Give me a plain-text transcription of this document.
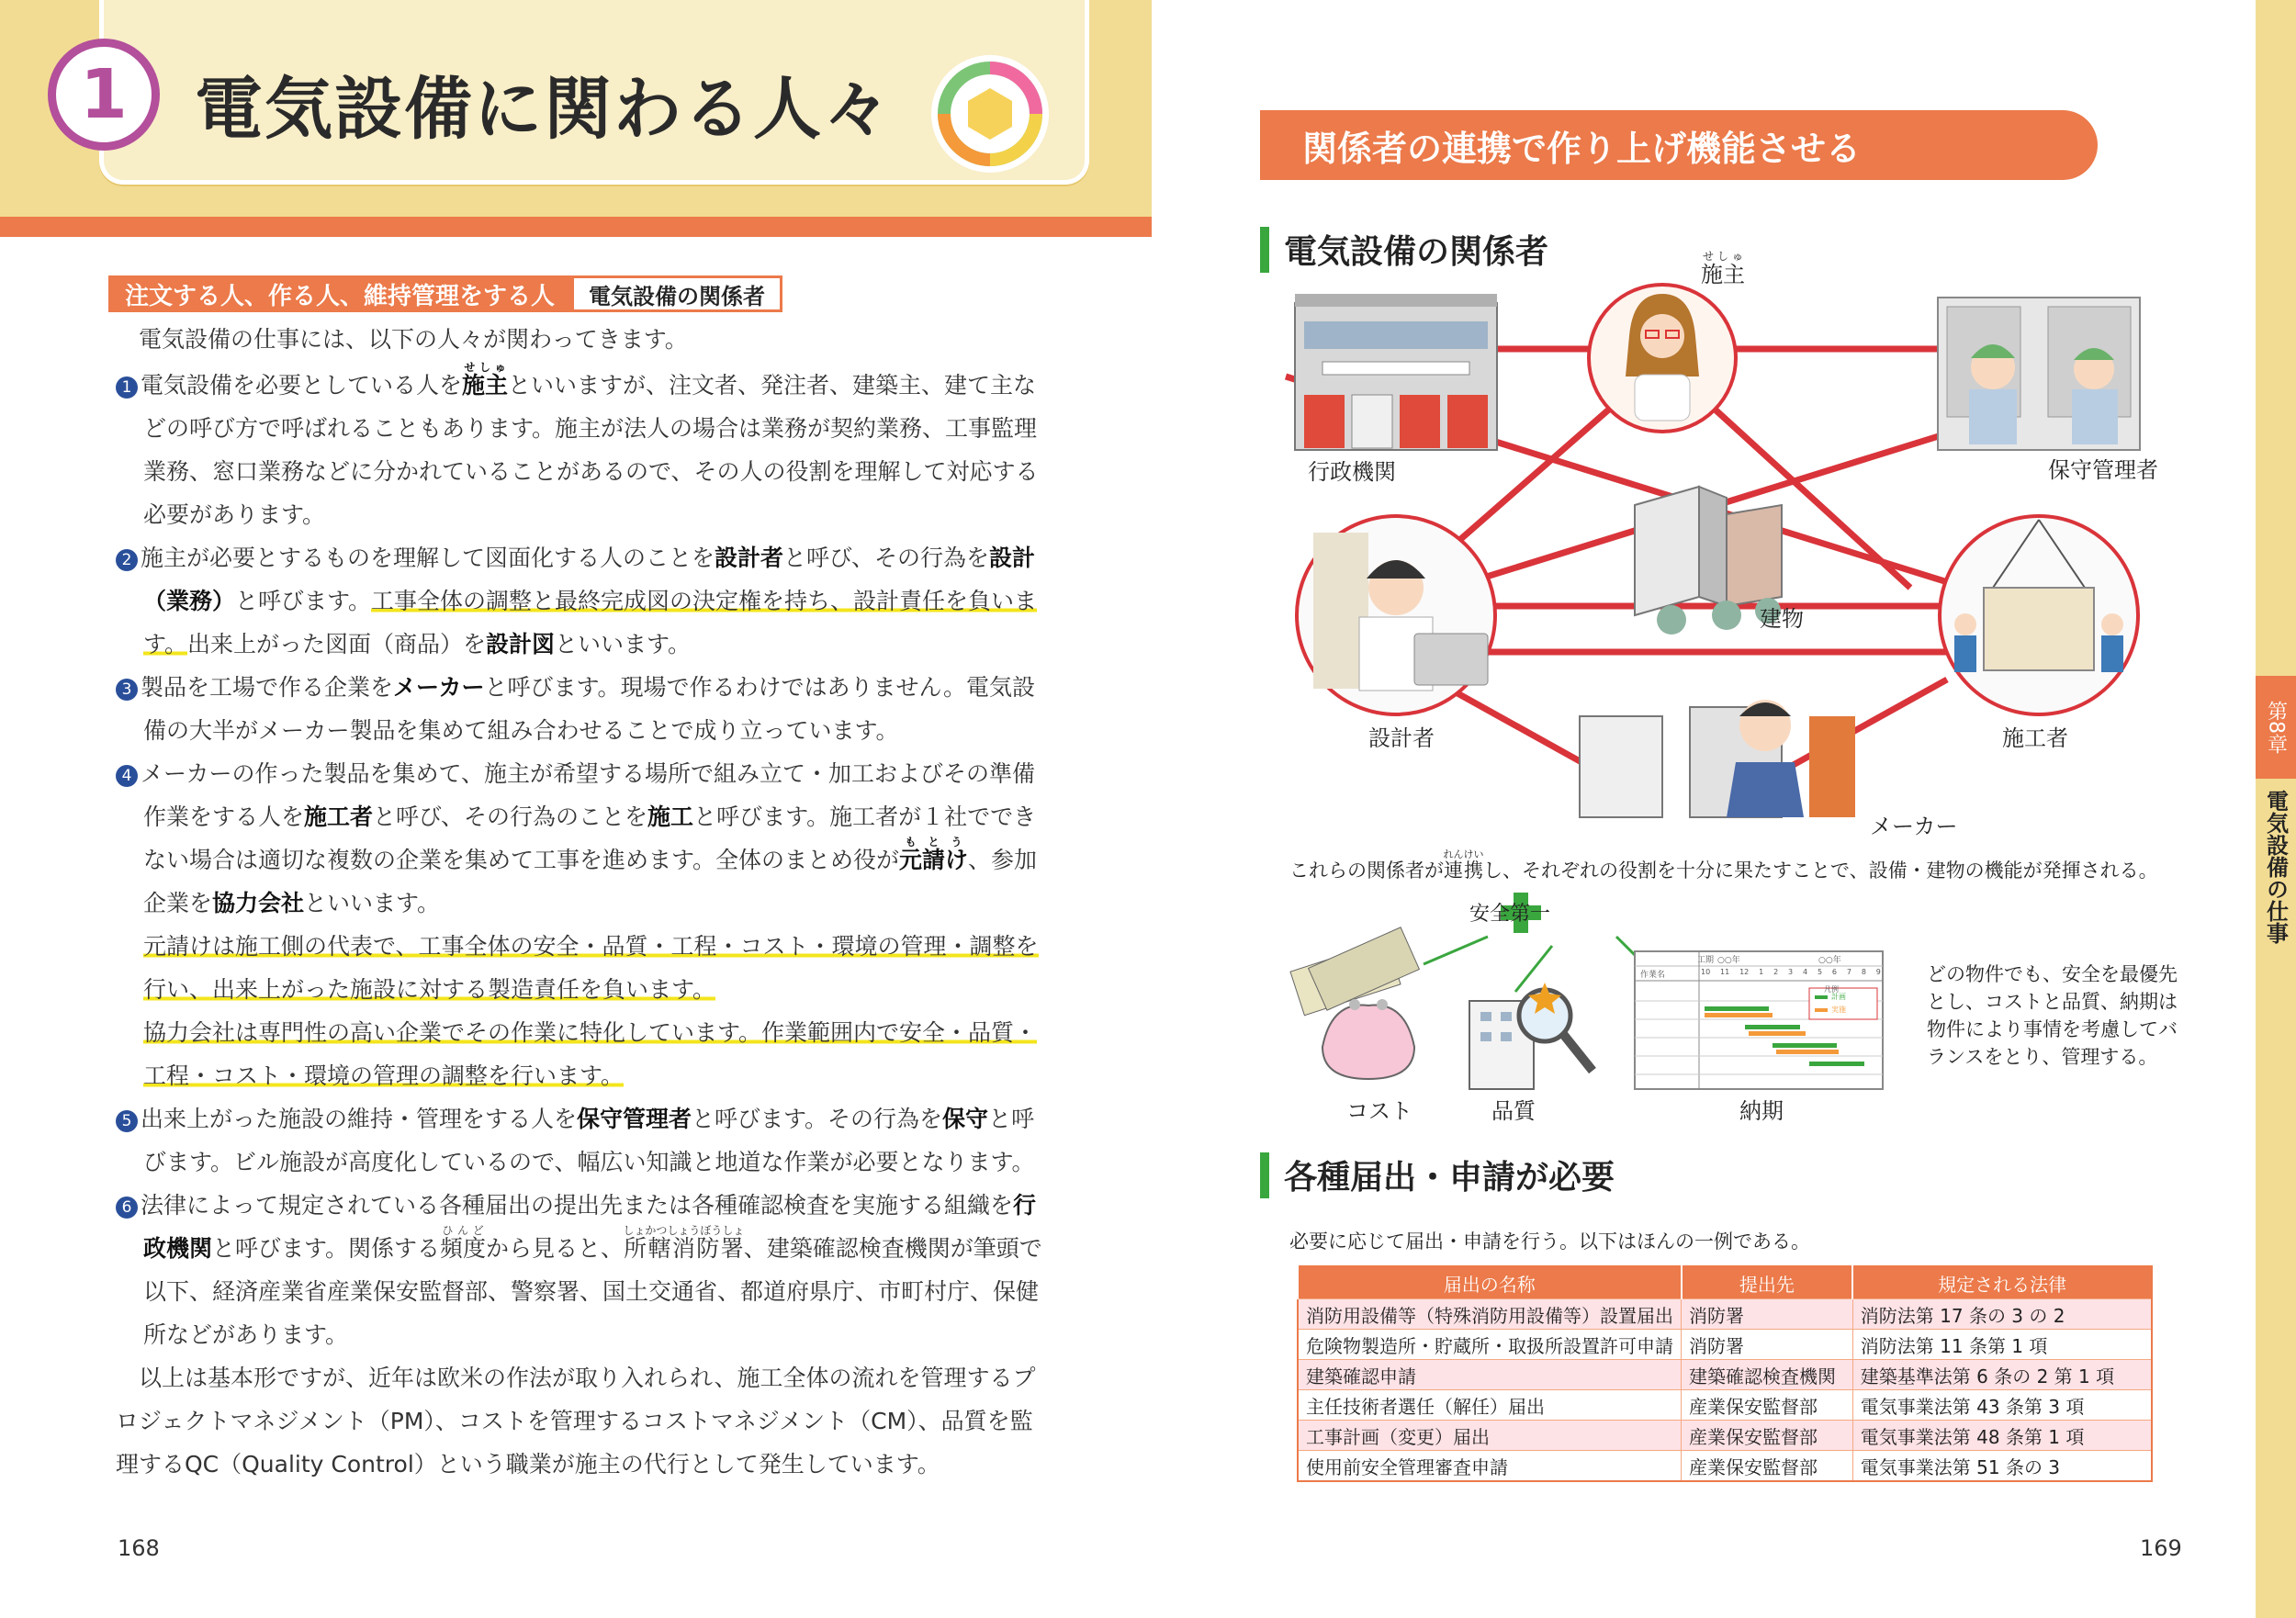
1 電気設備に関わる人々
注文する人、作る人、維持管理をする人	電気設備の関係者

電気設備の仕事には、以下の人々が関わってきます。

1 電気設備を必要としている人を施主せしゅといいますが、注文者、発注者、建築主、建て主などの呼び方で呼ばれることもあります。施主が法人の場合は業務が契約業務、工事監理業務、窓口業務などに分かれていることがあるので、その人の役割を理解して対応する必要があります。

2 施主が必要とするものを理解して図面化する人のことを設計者と呼び、その行為を設計（業務）と呼びます。工事全体の調整と最終完成図の決定権を持ち、設計責任を負います。出来上がった図面（商品）を設計図といいます。

3 製品を工場で作る企業をメーカーと呼びます。現場で作るわけではありません。電気設備の大半がメーカー製品を集めて組み合わせることで成り立っています。

4 メーカーの作った製品を集めて、施主が希望する場所で組み立て・加工およびその準備作業をする人を施工者と呼び、その行為のことを施工と呼びます。施工者が１社でできない場合は適切な複数の企業を集めて工事を進めます。全体のまとめ役が元請けもとう、参加企業を協力会社といいます。

元請けは施工側の代表で、工事全体の安全・品質・工程・コスト・環境の管理・調整を行い、出来上がった施設に対する製造責任を負います。

協力会社は専門性の高い企業でその作業に特化しています。作業範囲内で安全・品質・工程・コスト・環境の管理の調整を行います。

5 出来上がった施設の維持・管理をする人を保守管理者と呼びます。その行為を保守と呼びます。ビル施設が高度化しているので、幅広い知識と地道な作業が必要となります。

6 法律によって規定されている各種届出の提出先または各種確認検査を実施する組織を行政機関と呼びます。関係する頻度ひんどから見ると、所轄消防署しょかつしょうぼうしょ、建築確認検査機関が筆頭で以下、経済産業省産業保安監督部、警察署、国土交通省、都道府県庁、市町村庁、保健所などがあります。

以上は基本形ですが、近年は欧米の作法が取り入れられ、施工全体の流れを管理するプロジェクトマネジメント（PM）、コストを管理するコストマネジメント（CM）、品質を監理するQC（Quality Control）という職業が施主の代行として発生しています。

168
関係者の連携で作り上げ機能させる
電気設備の関係者
施主せしゅ
行政機関	保守管理者
建物
設計者	施工者
メーカー
これらの関係者が連携れんけいし、それぞれの役割を十分に果たすことで、設備・建物の機能が発揮される。
安全第一
コスト	品質	納期
工期 ○○年	○○年
作業名	10 11 12 1 2 3 4 5 6 7 8 9
凡例
計画
実施
どの物件でも、安全を最優先とし、コストと品質、納期は物件により事情を考慮してバランスをとり、管理する。
各種届出・申請が必要
必要に応じて届出・申請を行う。以下はほんの一例である。
届出の名称	提出先	規定される法律
消防用設備等（特殊消防用設備等）設置届出	消防署	消防法第 17 条の 3 の 2
危険物製造所・貯蔵所・取扱所設置許可申請	消防署	消防法第 11 条第 1 項
建築確認申請	建築確認検査機関	建築基準法第 6 条の 2 第 1 項
主任技術者選任（解任）届出	産業保安監督部	電気事業法第 43 条第 3 項
工事計画（変更）届出	産業保安監督部	電気事業法第 48 条第 1 項
使用前安全管理審査申請	産業保安監督部	電気事業法第 51 条の 3
169
第8章
電気設備の仕事
